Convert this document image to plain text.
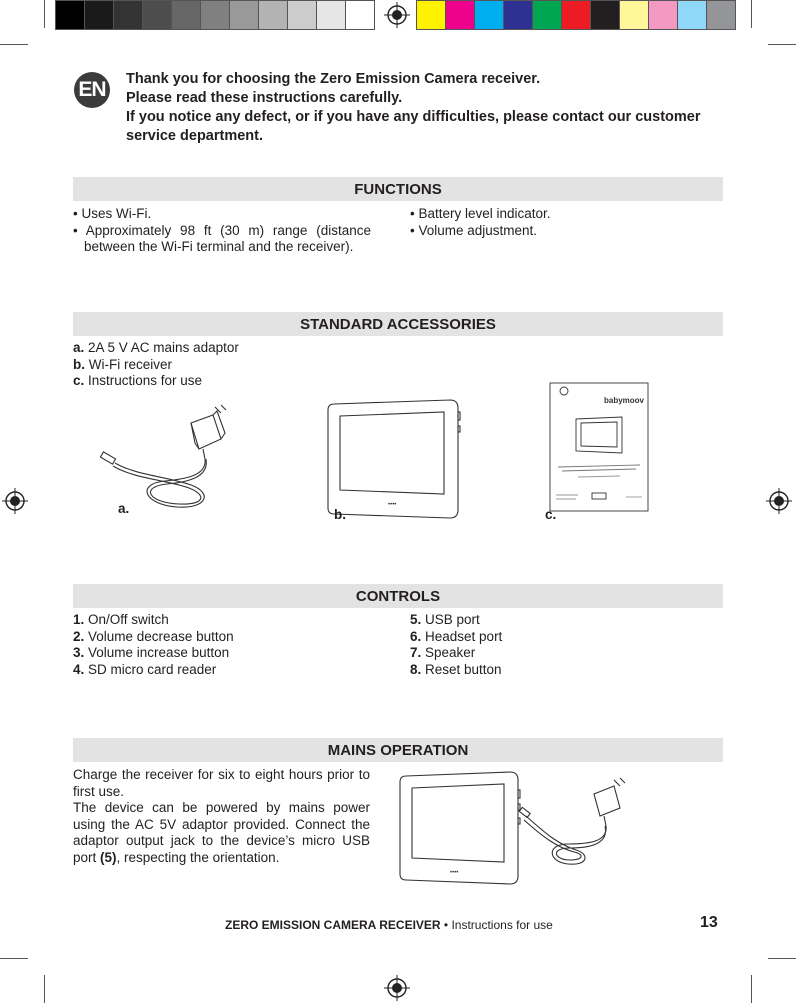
EN	Thank you for choosing the Zero Emission Camera receiver.
Please read these instructions carefully.
If you notice any defect, or if you have any difficulties, please contact our customer service department.
FUNCTIONS
• Uses Wi-Fi.
• Approximately 98 ft (30 m) range (distance between the Wi-Fi terminal and the receiver).
• Battery level indicator.
• Volume adjustment.
STANDARD ACCESSORIES
a. 2A 5 V AC mains adaptor
b. Wi-Fi receiver
c. Instructions for use
a.	••••
b.
babymoov
c.
CONTROLS
1. On/Off switch
2. Volume decrease button
3. Volume increase button
4. SD micro card reader
5. USB port
6. Headset port
7. Speaker
8. Reset button
MAINS OPERATION
Charge the receiver for six to eight hours prior to first use.
The device can be powered by mains power using the AC 5V adaptor provided. Connect the adaptor output jack to the device’s micro USB port (5), respecting the orientation.
••••
ZERO EMISSION CAMERA RECEIVER • Instructions for use	13
